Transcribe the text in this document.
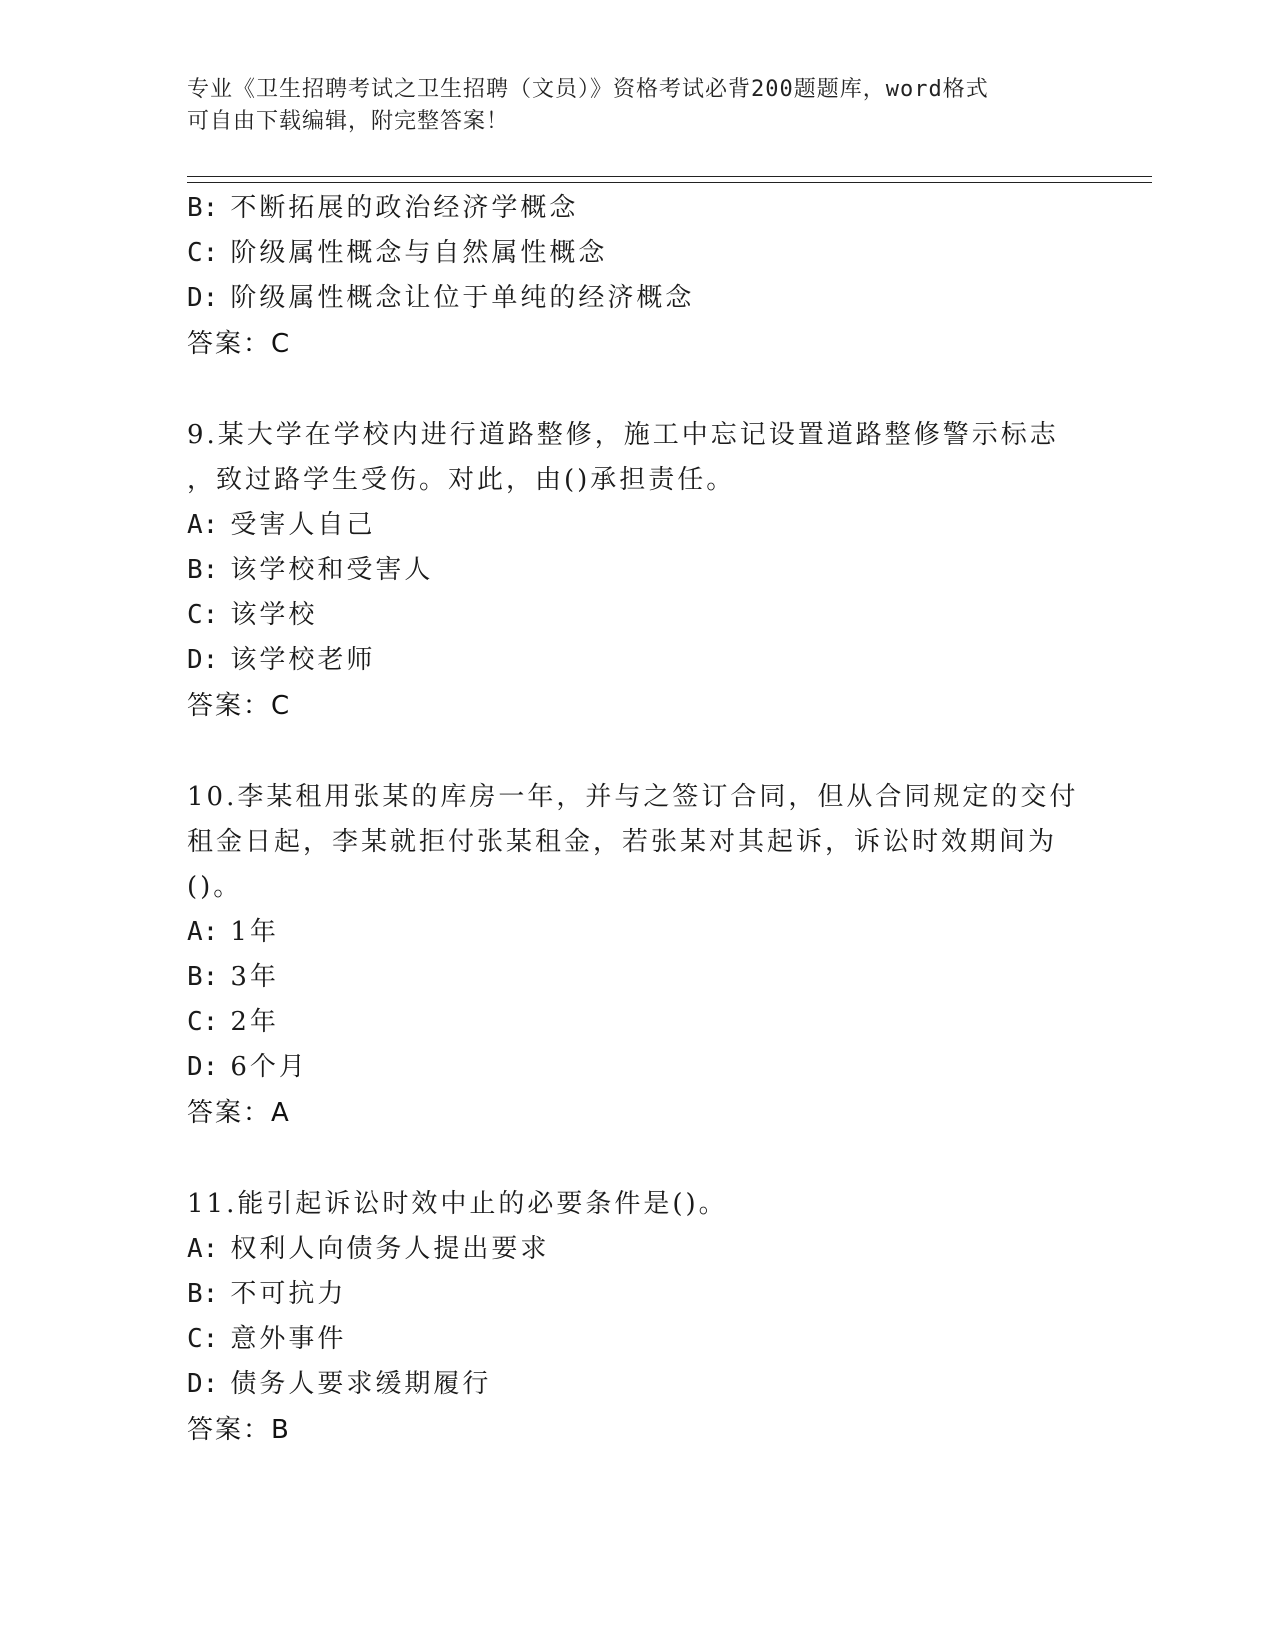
专业《卫生招聘考试之卫生招聘（文员）》资格考试必背200题题库，word格式
可自由下载编辑，附完整答案！
B: 不断拓展的政治经济学概念
C: 阶级属性概念与自然属性概念
D: 阶级属性概念让位于单纯的经济概念
答案：C
9.某大学在学校内进行道路整修，施工中忘记设置道路整修警示标志
，致过路学生受伤。对此，由()承担责任。
A: 受害人自己
B: 该学校和受害人
C: 该学校
D: 该学校老师
答案：C
10.李某租用张某的库房一年，并与之签订合同，但从合同规定的交付
租金日起，李某就拒付张某租金，若张某对其起诉，诉讼时效期间为
()。
A: 1年
B: 3年
C: 2年
D: 6个月
答案：A
11.能引起诉讼时效中止的必要条件是()。
A: 权利人向债务人提出要求
B: 不可抗力
C: 意外事件
D: 债务人要求缓期履行
答案：B
